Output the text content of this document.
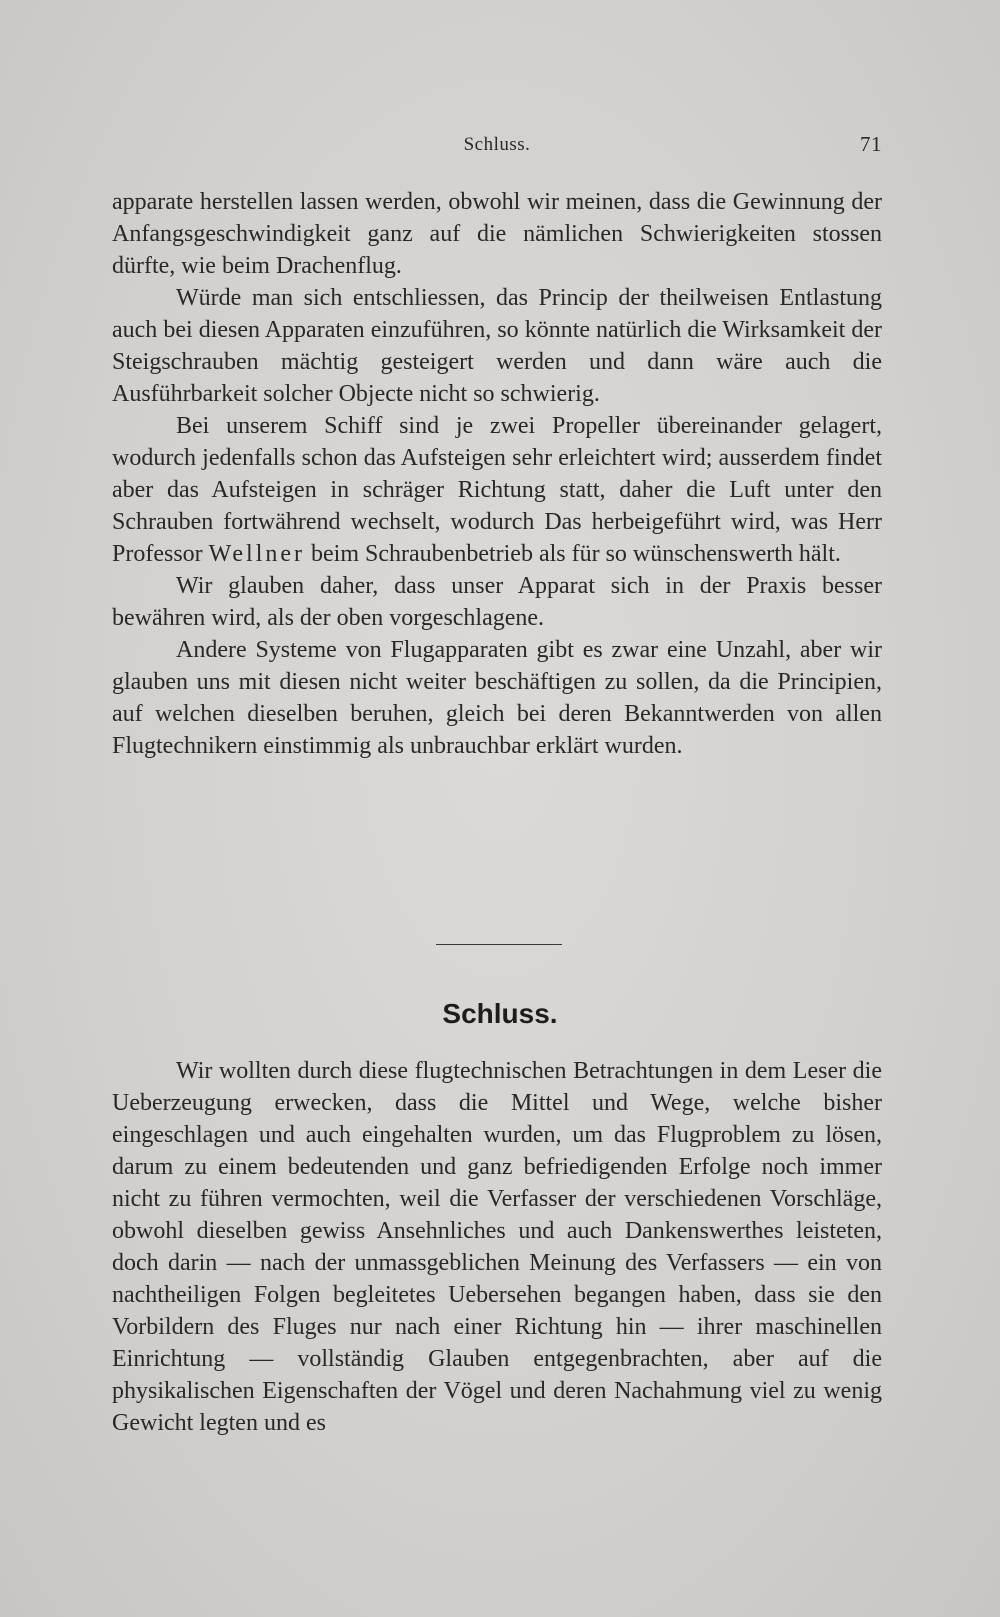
Schluss.	71

apparate herstellen lassen werden, obwohl wir meinen, dass die Gewinnung der Anfangsgeschwindigkeit ganz auf die nämlichen Schwierigkeiten stossen dürfte, wie beim Drachenflug.

Würde man sich entschliessen, das Princip der theilweisen Entlastung auch bei diesen Apparaten einzuführen, so könnte natürlich die Wirksamkeit der Steigschrauben mächtig gesteigert werden und dann wäre auch die Ausführbarkeit solcher Objecte nicht so schwierig.

Bei unserem Schiff sind je zwei Propeller übereinander gelagert, wodurch jedenfalls schon das Aufsteigen sehr erleichtert wird; ausserdem findet aber das Aufsteigen in schräger Richtung statt, daher die Luft unter den Schrauben fortwährend wechselt, wodurch Das herbeigeführt wird, was Herr Professor Wellner beim Schraubenbetrieb als für so wünschenswerth hält.

Wir glauben daher, dass unser Apparat sich in der Praxis besser bewähren wird, als der oben vorgeschlagene.

Andere Systeme von Flugapparaten gibt es zwar eine Unzahl, aber wir glauben uns mit diesen nicht weiter beschäftigen zu sollen, da die Principien, auf welchen dieselben beruhen, gleich bei deren Bekanntwerden von allen Flugtechnikern einstimmig als unbrauchbar erklärt wurden.

Schluss.

Wir wollten durch diese flugtechnischen Betrachtungen in dem Leser die Ueberzeugung erwecken, dass die Mittel und Wege, welche bisher eingeschlagen und auch eingehalten wurden, um das Flugproblem zu lösen, darum zu einem bedeutenden und ganz befriedigenden Erfolge noch immer nicht zu führen vermochten, weil die Verfasser der verschiedenen Vorschläge, obwohl dieselben gewiss Ansehnliches und auch Dankenswerthes leisteten, doch darin — nach der unmassgeblichen Meinung des Verfassers — ein von nachtheiligen Folgen begleitetes Uebersehen begangen haben, dass sie den Vorbildern des Fluges nur nach einer Richtung hin — ihrer maschinellen Einrichtung — vollständig Glauben entgegenbrachten, aber auf die physikalischen Eigenschaften der Vögel und deren Nachahmung viel zu wenig Gewicht legten und es
